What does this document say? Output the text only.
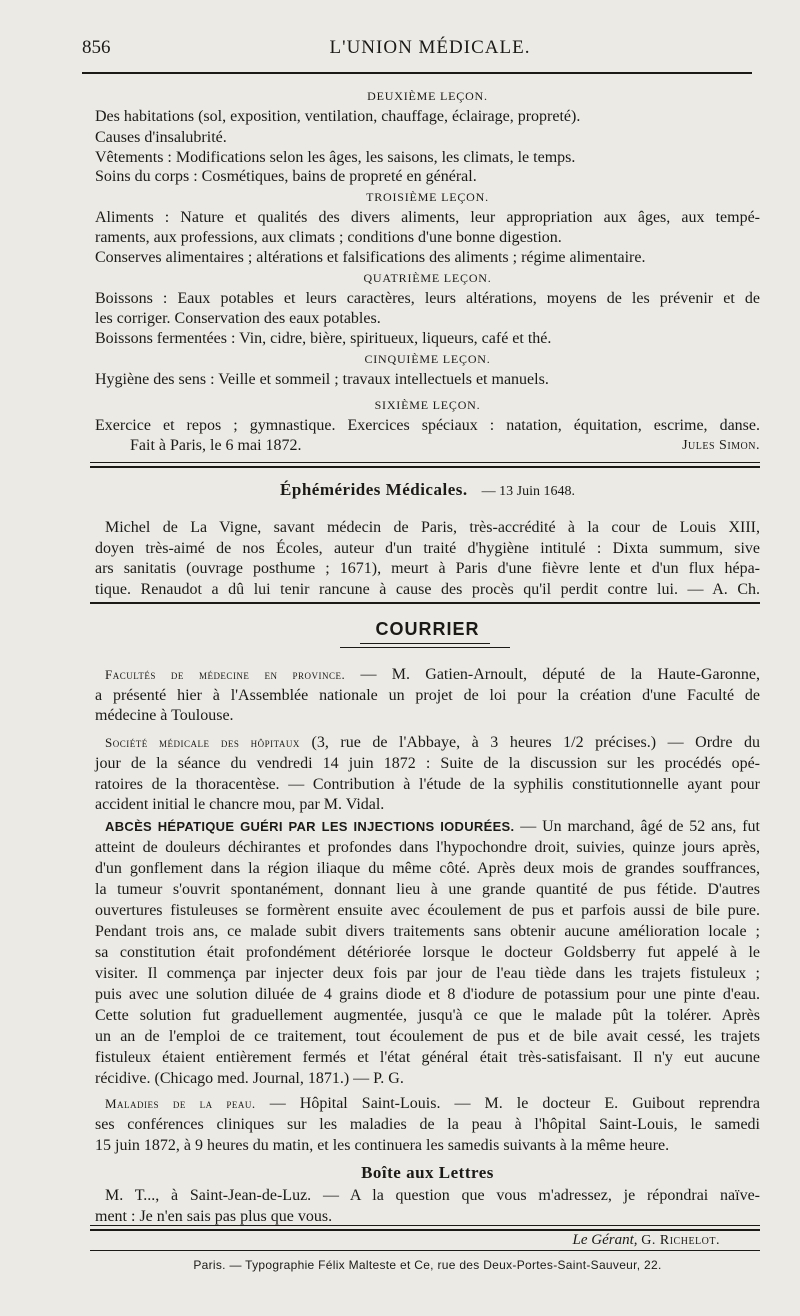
856	L'UNION MÉDICALE.
DEUXIÈME LEÇON.
Des habitations (sol, exposition, ventilation, chauffage, éclairage, propreté).
Causes d'insalubrité.
Vêtements : Modifications selon les âges, les saisons, les climats, le temps.
Soins du corps : Cosmétiques, bains de propreté en général.
TROISIÈME LEÇON.
Aliments : Nature et qualités des divers aliments, leur appropriation aux âges, aux tempé-
raments, aux professions, aux climats ; conditions d'une bonne digestion.
Conserves alimentaires ; altérations et falsifications des aliments ; régime alimentaire.
QUATRIÈME LEÇON.
Boissons : Eaux potables et leurs caractères, leurs altérations, moyens de les prévenir et de
les corriger. Conservation des eaux potables.
Boissons fermentées : Vin, cidre, bière, spiritueux, liqueurs, café et thé.
CINQUIÈME LEÇON.
Hygiène des sens : Veille et sommeil ; travaux intellectuels et manuels.
SIXIÈME LEÇON.
Exercice et repos ; gymnastique. Exercices spéciaux : natation, équitation, escrime, danse.
Fait à Paris, le 6 mai 1872.	Jules Simon.
Éphémérides Médicales. — 13 Juin 1648.
Michel de La Vigne, savant médecin de Paris, très-accrédité à la cour de Louis XIII,
doyen très-aimé de nos Écoles, auteur d'un traité d'hygiène intitulé : Dixta summum, sive
ars sanitatis (ouvrage posthume ; 1671), meurt à Paris d'une fièvre lente et d'un flux hépa-
tique. Renaudot a dû lui tenir rancune à cause des procès qu'il perdit contre lui. — A. Ch.
COURRIER
Facultés de médecine en province. — M. Gatien-Arnoult, député de la Haute-Garonne,
a présenté hier à l'Assemblée nationale un projet de loi pour la création d'une Faculté de
médecine à Toulouse.
Société médicale des hôpitaux (3, rue de l'Abbaye, à 3 heures 1/2 précises.) — Ordre du
jour de la séance du vendredi 14 juin 1872 : Suite de la discussion sur les procédés opé-
ratoires de la thoracentèse. — Contribution à l'étude de la syphilis constitutionnelle ayant pour
accident initial le chancre mou, par M. Vidal.
ABCÈS HÉPATIQUE GUÉRI PAR LES INJECTIONS IODURÉES. — Un marchand, âgé de 52 ans, fut
atteint de douleurs déchirantes et profondes dans l'hypochondre droit, suivies, quinze jours après,
d'un gonflement dans la région iliaque du même côté. Après deux mois de grandes souffrances,
la tumeur s'ouvrit spontanément, donnant lieu à une grande quantité de pus fétide. D'autres
ouvertures fistuleuses se formèrent ensuite avec écoulement de pus et parfois aussi de bile pure.
Pendant trois ans, ce malade subit divers traitements sans obtenir aucune amélioration locale ;
sa constitution était profondément détériorée lorsque le docteur Goldsberry fut appelé à le
visiter. Il commença par injecter deux fois par jour de l'eau tiède dans les trajets fistuleux ;
puis avec une solution diluée de 4 grains diode et 8 d'iodure de potassium pour une pinte d'eau.
Cette solution fut graduellement augmentée, jusqu'à ce que le malade pût la tolérer. Après
un an de l'emploi de ce traitement, tout écoulement de pus et de bile avait cessé, les trajets
fistuleux étaient entièrement fermés et l'état général était très-satisfaisant. Il n'y eut aucune
récidive. (Chicago med. Journal, 1871.) — P. G.
Maladies de la peau. — Hôpital Saint-Louis. — M. le docteur E. Guibout reprendra
ses conférences cliniques sur les maladies de la peau à l'hôpital Saint-Louis, le samedi
15 juin 1872, à 9 heures du matin, et les continuera les samedis suivants à la même heure.
Boîte aux Lettres
M. T..., à Saint-Jean-de-Luz. — A la question que vous m'adressez, je répondrai naïve-
ment : Je n'en sais pas plus que vous.
Le Gérant, G. Richelot.
Paris. — Typographie Félix Malteste et Ce, rue des Deux-Portes-Saint-Sauveur, 22.
